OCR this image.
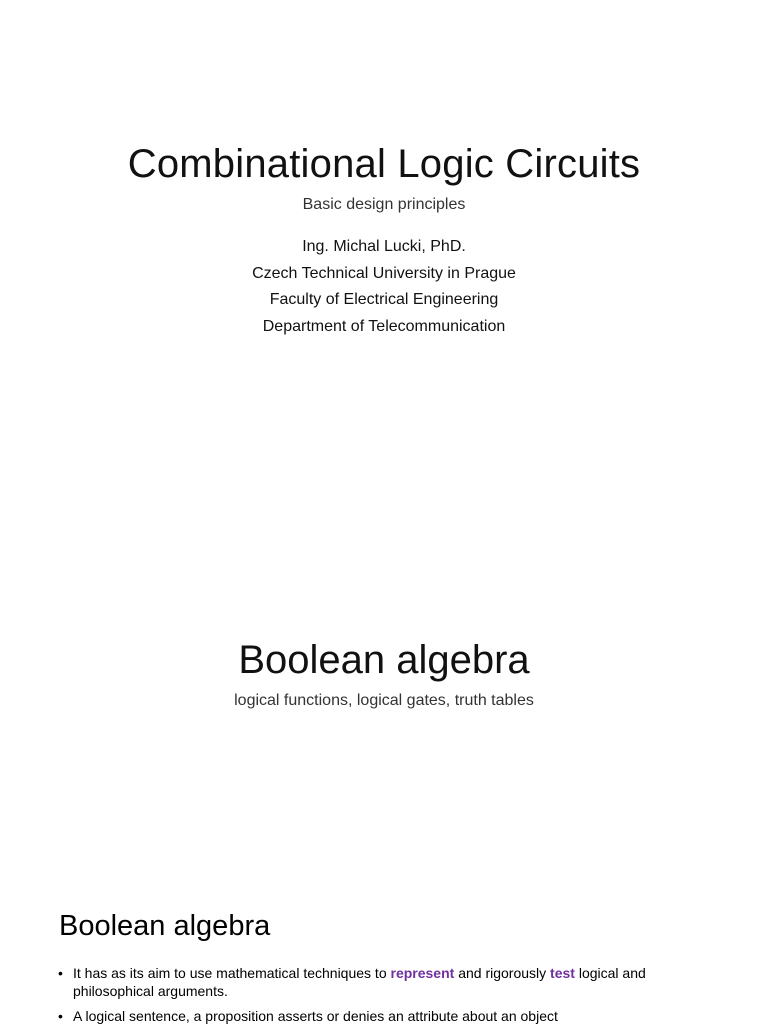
Combinational Logic Circuits
Basic design principles
Ing. Michal Lucki, PhD.
Czech Technical University in Prague
Faculty of Electrical Engineering
Department of Telecommunication
Boolean algebra
logical functions, logical gates, truth tables
Boolean algebra
• It has as its aim to use mathematical techniques to represent and rigorously test logical and philosophical arguments.
• A logical sentence, a proposition asserts or denies an attribute about an object
